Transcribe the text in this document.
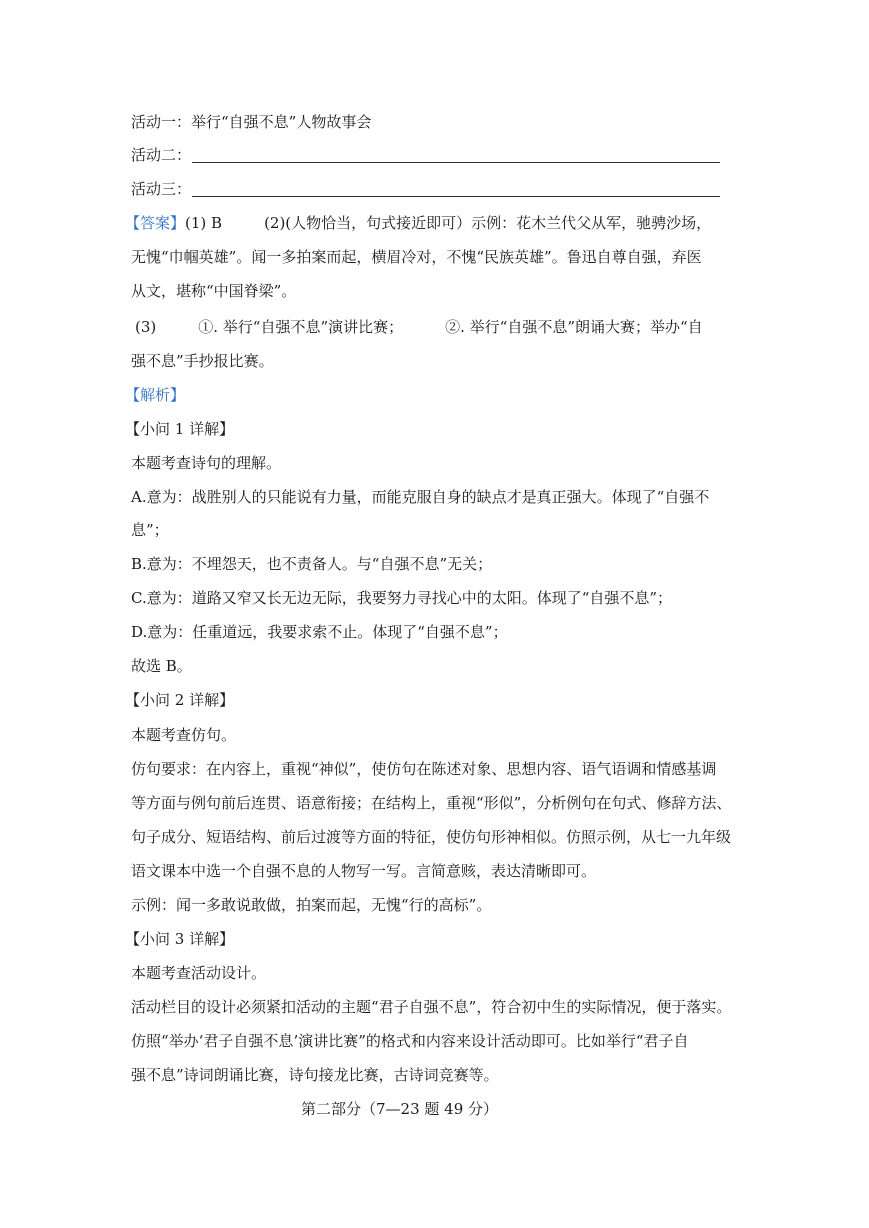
活动一：举行“自强不息”人物故事会
活动二：
活动三：
【答案】(1) B	(2)(人物恰当，句式接近即可）示例：花木兰代父从军，驰骋沙场，
无愧“巾帼英雄”。闻一多拍案而起，横眉冷对，不愧“民族英雄”。鲁迅自尊自强，弃医
从文，堪称“中国脊梁”。
(3)	①. 举行“自强不息”演讲比赛；	②. 举行“自强不息”朗诵大赛；举办“自
强不息”手抄报比赛。
【解析】
【小问 1 详解】
本题考查诗句的理解。
A.意为：战胜别人的只能说有力量，而能克服自身的缺点才是真正强大。体现了“自强不
息”；
B.意为：不埋怨天，也不责备人。与“自强不息”无关；
C.意为：道路又窄又长无边无际，我要努力寻找心中的太阳。体现了“自强不息”；
D.意为：任重道远，我要求索不止。体现了“自强不息”；
故选 B。
【小问 2 详解】
本题考查仿句。
仿句要求：在内容上，重视“神似”，使仿句在陈述对象、思想内容、语气语调和情感基调
等方面与例句前后连贯、语意衔接；在结构上，重视“形似”，分析例句在句式、修辞方法、
句子成分、短语结构、前后过渡等方面的特征，使仿句形神相似。仿照示例，从七一九年级
语文课本中选一个自强不息的人物写一写。言简意赅，表达清晰即可。
示例：闻一多敢说敢做，拍案而起，无愧“行的高标”。
【小问 3 详解】
本题考查活动设计。
活动栏目的设计必须紧扣活动的主题“君子自强不息”，符合初中生的实际情况，便于落实。
仿照“举办‘君子自强不息’演讲比赛”的格式和内容来设计活动即可。比如举行“君子自
强不息”诗词朗诵比赛，诗句接龙比赛，古诗词竞赛等。
第二部分（7—23 题 49 分）
